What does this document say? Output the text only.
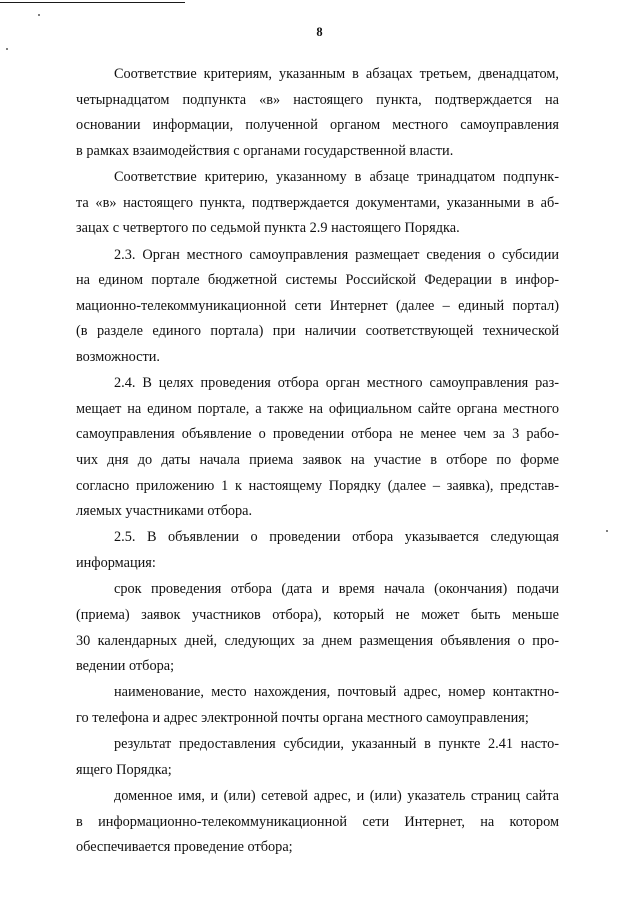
8
Соответствие критериям, указанным в абзацах третьем, двенадцатом,
четырнадцатом подпункта «в» настоящего пункта, подтверждается на
основании информации, полученной органом местного самоуправления
в рамках взаимодействия с органами государственной власти.
Соответствие критерию, указанному в абзаце тринадцатом подпунк-
та «в» настоящего пункта, подтверждается документами, указанными в аб-
зацах с четвертого по седьмой пункта 2.9 настоящего Порядка.
2.3. Орган местного самоуправления размещает сведения о субсидии
на едином портале бюджетной системы Российской Федерации в инфор-
мационно-телекоммуникационной сети Интернет (далее – единый портал)
(в разделе единого портала) при наличии соответствующей технической
возможности.
2.4. В целях проведения отбора орган местного самоуправления раз-
мещает на едином портале, а также на официальном сайте органа местного
самоуправления объявление о проведении отбора не менее чем за 3 рабо-
чих дня до даты начала приема заявок на участие в отборе по форме
согласно приложению 1 к настоящему Порядку (далее – заявка), представ-
ляемых участниками отбора.
2.5. В объявлении о проведении отбора указывается следующая
информация:
срок проведения отбора (дата и время начала (окончания) подачи
(приема) заявок участников отбора), который не может быть меньше
30 календарных дней, следующих за днем размещения объявления о про-
ведении отбора;
наименование, место нахождения, почтовый адрес, номер контактно-
го телефона и адрес электронной почты органа местного самоуправления;
результат предоставления субсидии, указанный в пункте 2.41 насто-
ящего Порядка;
доменное имя, и (или) сетевой адрес, и (или) указатель страниц сайта
в информационно-телекоммуникационной сети Интернет, на котором
обеспечивается проведение отбора;
